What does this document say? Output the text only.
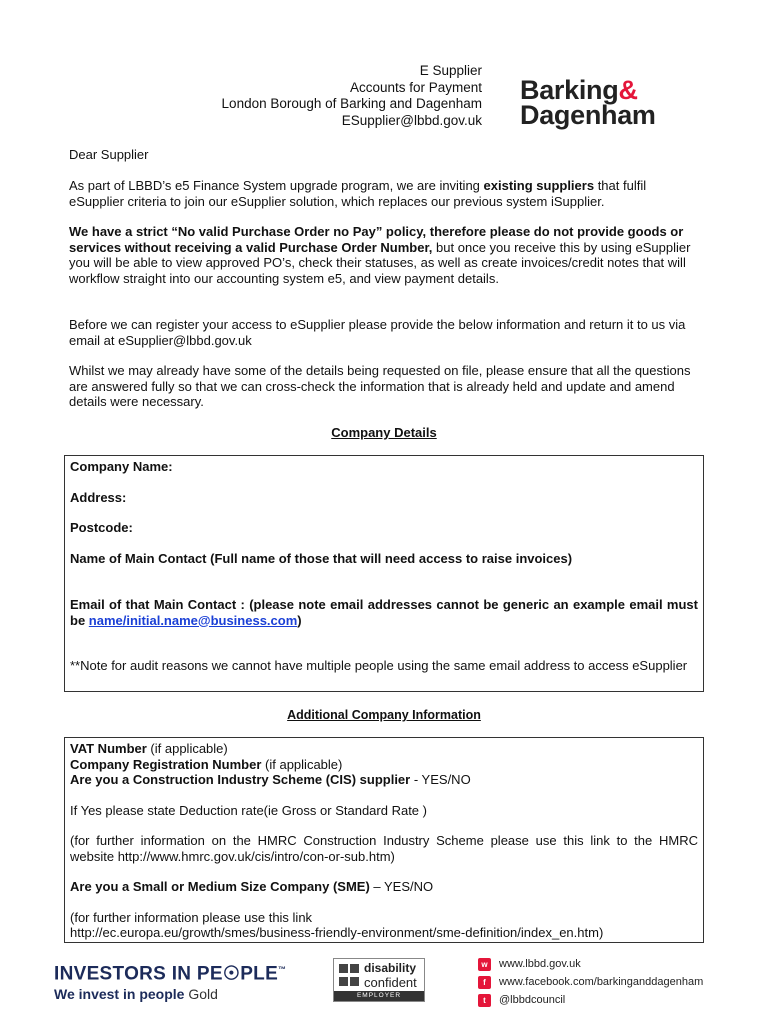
E Supplier
Accounts for Payment
London Borough of Barking and Dagenham
ESupplier@lbbd.gov.uk
Barking&
Dagenham
Dear Supplier
As part of LBBD’s e5 Finance System upgrade program, we are inviting existing suppliers that fulfil eSupplier criteria to join our eSupplier solution, which replaces our previous system iSupplier.
We have a strict “No valid Purchase Order no Pay” policy, therefore please do not provide goods or services without receiving a valid Purchase Order Number, but once you receive this by using eSupplier you will be able to view approved PO’s, check their statuses, as well as create invoices/credit notes that will workflow straight into our accounting system e5, and view payment details.
Before we can register your access to eSupplier please provide the below information and return it to us via email at eSupplier@lbbd.gov.uk
Whilst we may already have some of the details being requested on file, please ensure that all the questions are answered fully so that we can cross-check the information that is already held and update and amend details were necessary.
Company Details
Company Name:
Address:
Postcode:
Name of Main Contact (Full name of those that will need access to raise invoices)
Email of that Main Contact : (please note email addresses cannot be generic an example email must be name/initial.name@business.com)
**Note for audit reasons we cannot have multiple people using the same email address to access eSupplier
Additional Company Information
VAT Number (if applicable)
Company Registration Number (if applicable)
Are you a Construction Industry Scheme (CIS) supplier - YES/NO
If Yes please state Deduction rate(ie Gross or Standard Rate )
(for further information on the HMRC Construction Industry Scheme please use this link to the HMRC website http://www.hmrc.gov.uk/cis/intro/con-or-sub.htm)
Are you a Small or Medium Size Company (SME) – YES/NO
(for further information please use this link
http://ec.europa.eu/growth/smes/business-friendly-environment/sme-definition/index_en.htm)
INVESTORS IN PE☉PLE™
We invest in people Gold
disability
confident
EMPLOYER
w	www.lbbd.gov.uk
f	www.facebook.com/barkinganddagenham
t	@lbbdcouncil
